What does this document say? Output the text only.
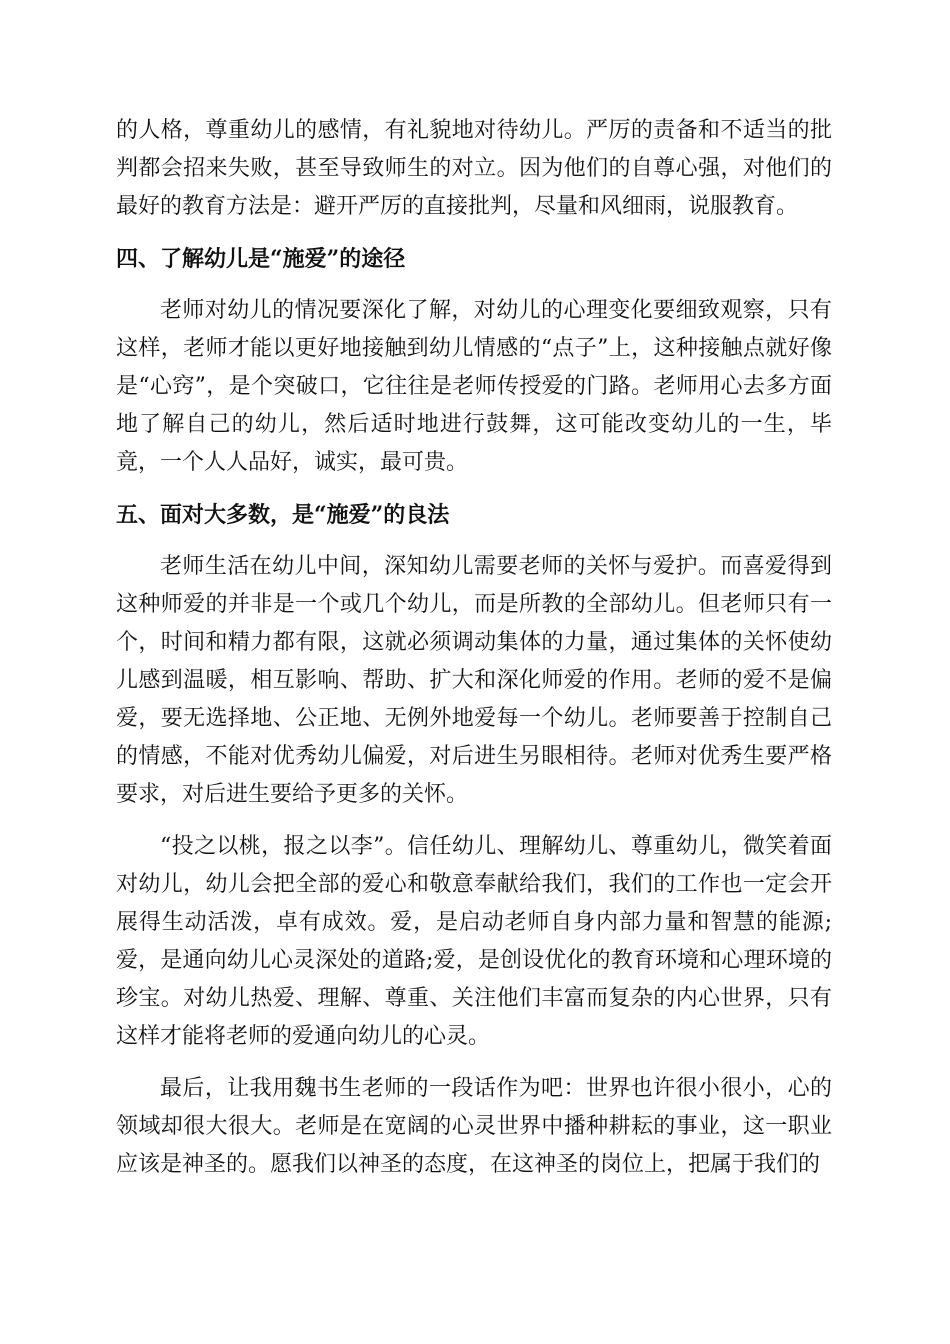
的人格，尊重幼儿的感情，有礼貌地对待幼儿。严厉的责备和不适当的批判都会招来失败，甚至导致师生的对立。因为他们的自尊心强，对他们的最好的教育方法是：避开严厉的直接批判，尽量和风细雨，说服教育。

四、了解幼儿是“施爱”的途径

老师对幼儿的情况要深化了解，对幼儿的心理变化要细致观察，只有这样，老师才能以更好地接触到幼儿情感的“点子”上，这种接触点就好像是“心窍”，是个突破口，它往往是老师传授爱的门路。老师用心去多方面地了解自己的幼儿，然后适时地进行鼓舞，这可能改变幼儿的一生，毕竟，一个人人品好，诚实，最可贵。

五、面对大多数，是“施爱”的良法

老师生活在幼儿中间，深知幼儿需要老师的关怀与爱护。而喜爱得到这种师爱的并非是一个或几个幼儿，而是所教的全部幼儿。但老师只有一个，时间和精力都有限，这就必须调动集体的力量，通过集体的关怀使幼儿感到温暖，相互影响、帮助、扩大和深化师爱的作用。老师的爱不是偏爱，要无选择地、公正地、无例外地爱每一个幼儿。老师要善于控制自己的情感，不能对优秀幼儿偏爱，对后进生另眼相待。老师对优秀生要严格要求，对后进生要给予更多的关怀。

“投之以桃，报之以李”。信任幼儿、理解幼儿、尊重幼儿，微笑着面对幼儿，幼儿会把全部的爱心和敬意奉献给我们，我们的工作也一定会开展得生动活泼，卓有成效。爱，是启动老师自身内部力量和智慧的能源;爱，是通向幼儿心灵深处的道路;爱，是创设优化的教育环境和心理环境的珍宝。对幼儿热爱、理解、尊重、关注他们丰富而复杂的内心世界，只有这样才能将老师的爱通向幼儿的心灵。

最后，让我用魏书生老师的一段话作为吧：世界也许很小很小，心的领域却很大很大。老师是在宽阔的心灵世界中播种耕耘的事业，这一职业应该是神圣的。愿我们以神圣的态度，在这神圣的岗位上，把属于我们的
